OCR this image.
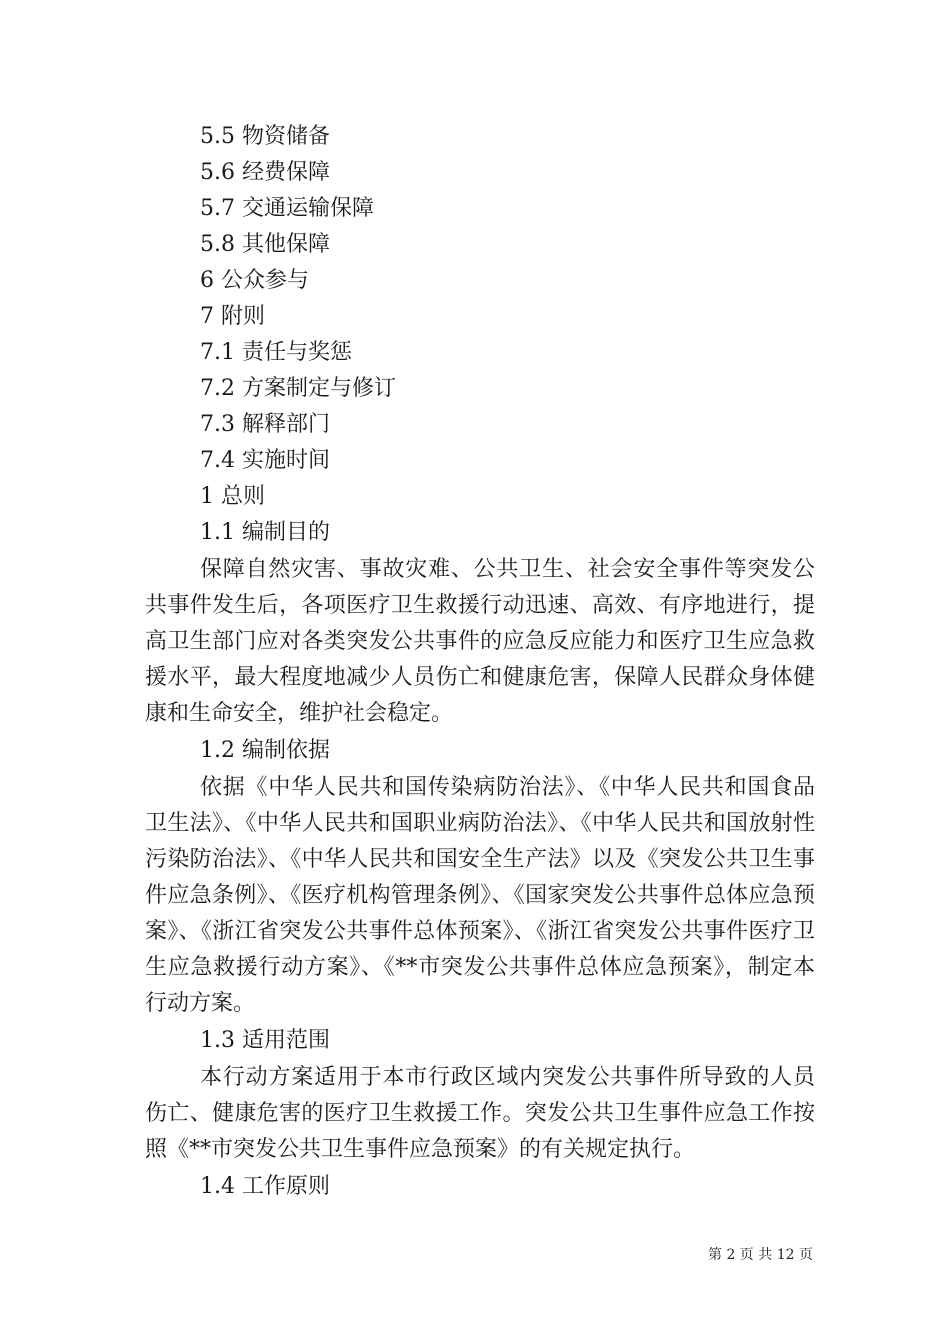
5.5 物资储备
5.6 经费保障
5.7 交通运输保障
5.8 其他保障
6 公众参与
7 附则
7.1 责任与奖惩
7.2 方案制定与修订
7.3 解释部门
7.4 实施时间
1 总则
1.1 编制目的
保障自然灾害、事故灾难、公共卫生、社会安全事件等突发公共事件发生后，各项医疗卫生救援行动迅速、高效、有序地进行，提高卫生部门应对各类突发公共事件的应急反应能力和医疗卫生应急救援水平，最大程度地减少人员伤亡和健康危害，保障人民群众身体健康和生命安全，维护社会稳定。
1.2 编制依据
依据《中华人民共和国传染病防治法》、《中华人民共和国食品卫生法》、《中华人民共和国职业病防治法》、《中华人民共和国放射性污染防治法》、《中华人民共和国安全生产法》以及《突发公共卫生事件应急条例》、《医疗机构管理条例》、《国家突发公共事件总体应急预案》、《浙江省突发公共事件总体预案》、《浙江省突发公共事件医疗卫生应急救援行动方案》、《**市突发公共事件总体应急预案》，制定本行动方案。
1.3 适用范围
本行动方案适用于本市行政区域内突发公共事件所导致的人员伤亡、健康危害的医疗卫生救援工作。突发公共卫生事件应急工作按照《**市突发公共卫生事件应急预案》的有关规定执行。
1.4 工作原则
第 2 页 共 12 页
